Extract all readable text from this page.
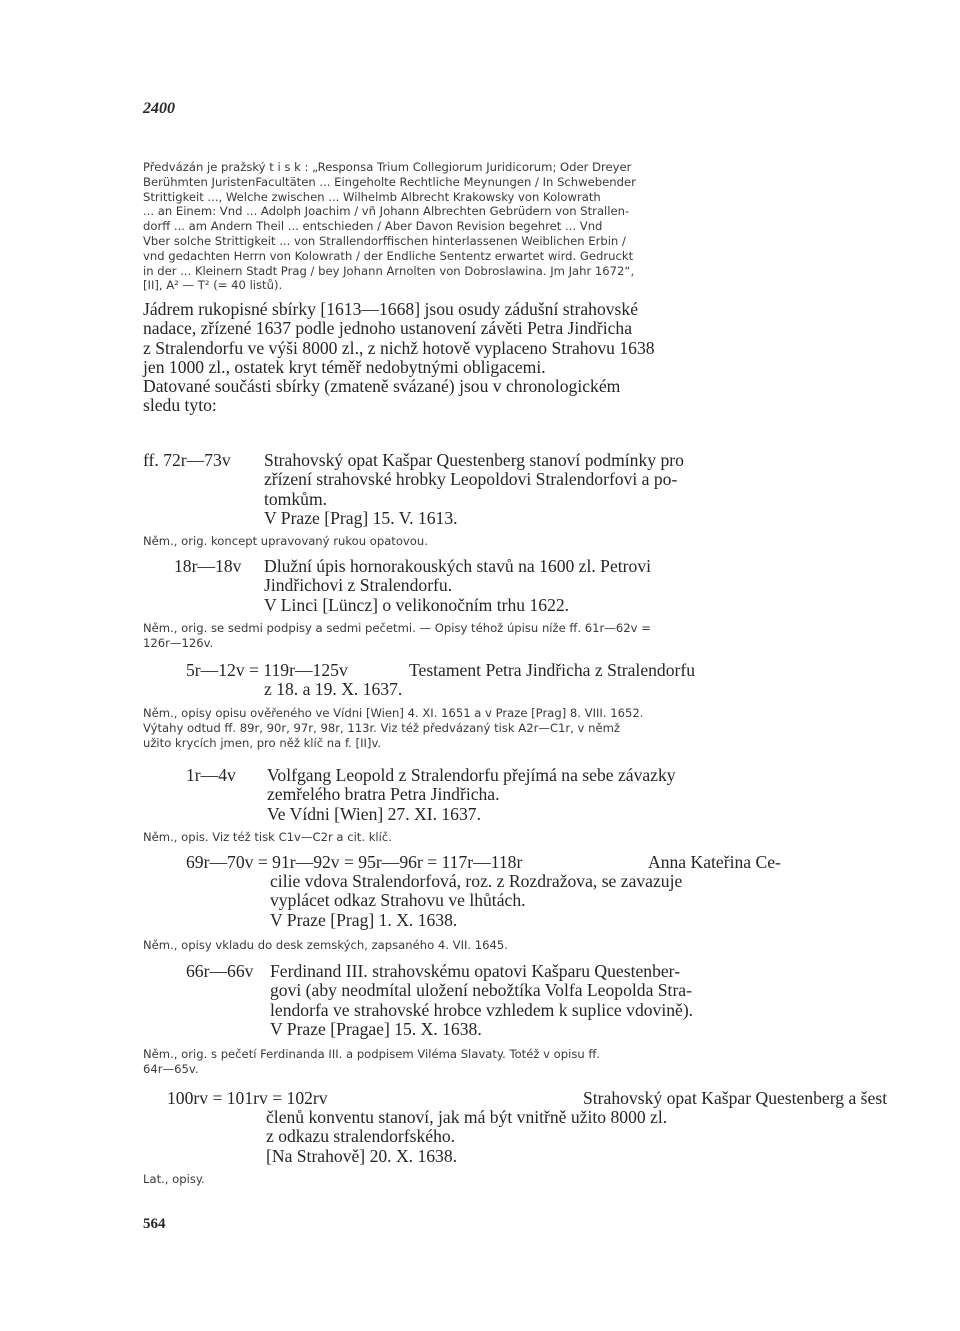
2400
Předvázán je pražský t i s k : „Responsa Trium Collegiorum Juridicorum; Oder Dreyer
Berühmten JuristenFacultäten ... Eingeholte Rechtliche Meynungen / In Schwebender
Strittigkeit ..., Welche zwischen ... Wilhelmb Albrecht Krakowsky von Kolowrath
... an Einem: Vnd ... Adolph Joachim / vñ Johann Albrechten Gebrüdern von Strallen-
dorff ... am Andern Theil ... entschieden / Aber Davon Revision begehret ... Vnd
Vber solche Strittigkeit ... von Strallendorffischen hinterlassenen Weiblichen Erbin /
vnd gedachten Herrn von Kolowrath / der Endliche Sententz erwartet wird. Gedruckt
in der ... Kleinern Stadt Prag / bey Johann Arnolten von Dobroslawina. Jm Jahr 1672“,
[II], A² — T² (= 40 listů).
Jádrem rukopisné sbírky [1613—1668] jsou osudy zádušní strahovské
nadace, zřízené 1637 podle jednoho ustanovení závěti Petra Jindřicha
z Stralendorfu ve výši 8000 zl., z nichž hotově vyplaceno Strahovu 1638
jen 1000 zl., ostatek kryt téměř nedobytnými obligacemi.
Datované součásti sbírky (zmateně svázané) jsou v chronologickém
sledu tyto:
ff. 72r—73v Strahovský opat Kašpar Questenberg stanoví podmínky pro
zřízení strahovské hrobky Leopoldovi Stralendorfovi a po-
tomkům.
V Praze [Prag] 15. V. 1613.
Něm., orig. koncept upravovaný rukou opatovou.
18r—18v Dlužní úpis hornorakouských stavů na 1600 zl. Petrovi
Jindřichovi z Stralendorfu.
V Linci [Lüncz] o velikonočním trhu 1622.
Něm., orig. se sedmi podpisy a sedmi pečetmi. — Opisy téhož úpisu níže ff. 61r—62v =
126r—126v.
5r—12v = 119r—125v	Testament Petra Jindřicha z Stralendorfu
z 18. a 19. X. 1637.
Něm., opisy opisu ověřeného ve Vídni [Wien] 4. XI. 1651 a v Praze [Prag] 8. VIII. 1652.
Výtahy odtud ff. 89r, 90r, 97r, 98r, 113r. Viz též předvázaný tisk A2r—C1r, v němž
užito krycích jmen, pro něž klíč na f. [II]v.
1r—4v Volfgang Leopold z Stralendorfu přejímá na sebe závazky
zemřelého bratra Petra Jindřicha.
Ve Vídni [Wien] 27. XI. 1637.
Něm., opis. Viz též tisk C1v—C2r a cit. klíč.
69r—70v = 91r—92v = 95r—96r = 117r—118r	Anna Kateřina Ce-
cilie vdova Stralendorfová, roz. z Rozdražova, se zavazuje
vyplácet odkaz Strahovu ve lhůtách.
V Praze [Prag] 1. X. 1638.
Něm., opisy vkladu do desk zemských, zapsaného 4. VII. 1645.
66r—66v Ferdinand III. strahovskému opatovi Kašparu Questenber-
govi (aby neodmítal uložení nebožtíka Volfa Leopolda Stra-
lendorfa ve strahovské hrobce vzhledem k suplice vdovině).
V Praze [Pragae] 15. X. 1638.
Něm., orig. s pečetí Ferdinanda III. a podpisem Viléma Slavaty. Totéž v opisu ff.
64r—65v.
100rv = 101rv = 102rv	Strahovský opat Kašpar Questenberg a šest
členů konventu stanoví, jak má být vnitřně užito 8000 zl.
z odkazu stralendorfského.
[Na Strahově] 20. X. 1638.
Lat., opisy.
564
